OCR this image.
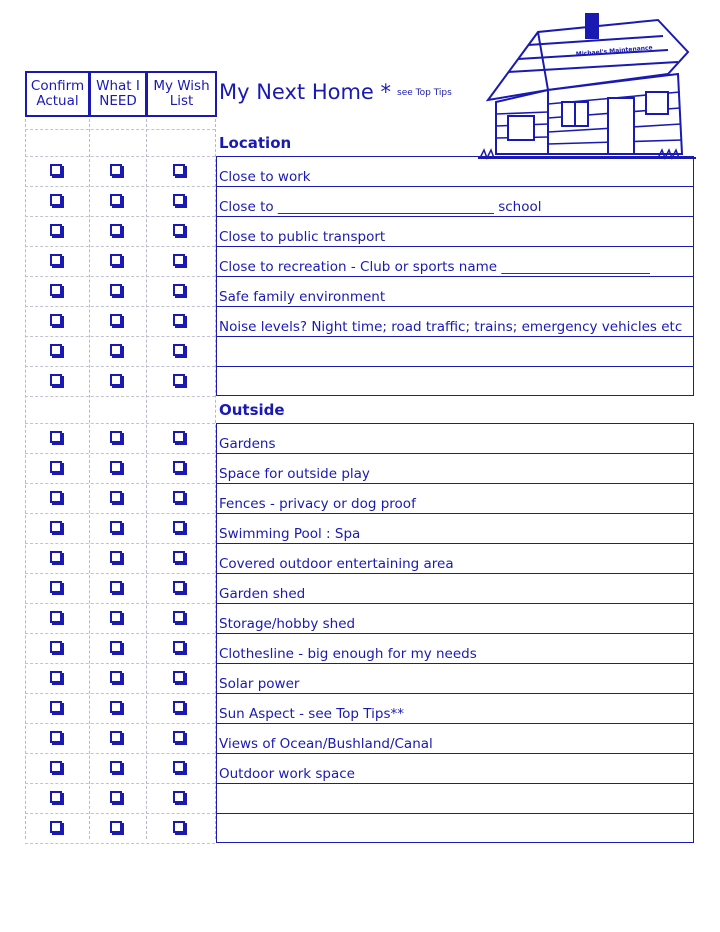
Confirm
Actual
What I
NEED
My Wish
List	My Next Home * see Top Tips
Michael's Maintenance
Location
Close to work
Close to ________________________________ school
Close to public transport
Close to recreation - Club or sports name ______________________
Safe family environment
Noise levels? Night time; road traffic; trains; emergency vehicles etc
Outside
Gardens
Space for outside play
Fences - privacy or dog proof
Swimming Pool : Spa
Covered outdoor entertaining area
Garden shed
Storage/hobby shed
Clothesline - big enough for my needs
Solar power
Sun Aspect - see Top Tips**
Views of Ocean/Bushland/Canal
Outdoor work space
